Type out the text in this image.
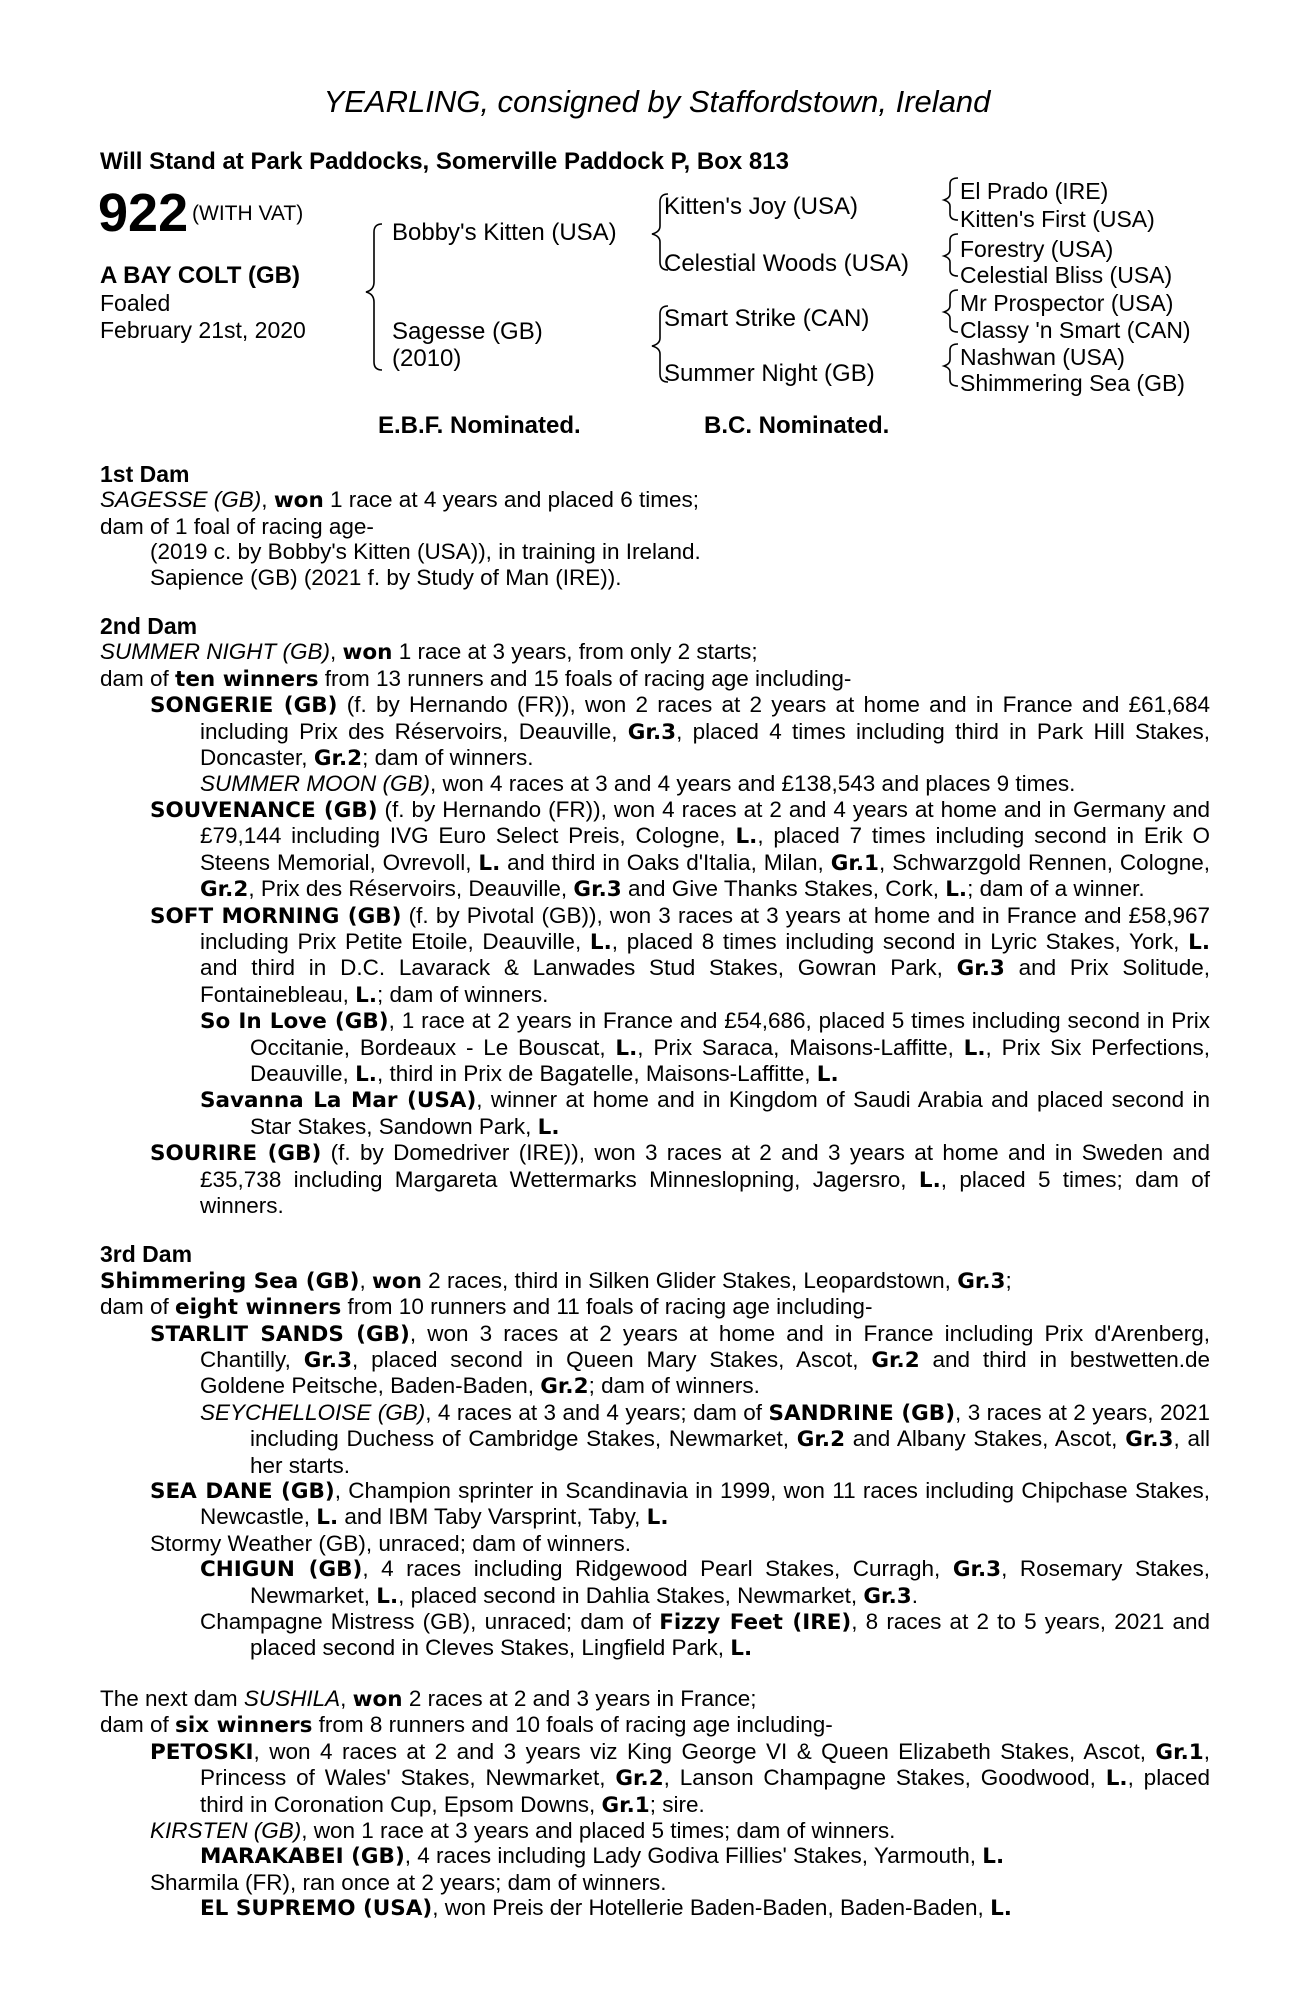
YEARLING, consigned by Staffordstown, Ireland
Will Stand at Park Paddocks, Somerville Paddock P, Box 813
922 (WITH VAT)
A BAY COLT (GB)
Foaled
February 21st, 2020
Bobby's Kitten (USA)
Sagesse (GB)
(2010)
Kitten's Joy (USA)
Celestial Woods (USA)
Smart Strike (CAN)
Summer Night (GB)
El Prado (IRE)
Kitten's First (USA)
Forestry (USA)
Celestial Bliss (USA)
Mr Prospector (USA)
Classy 'n Smart (CAN)
Nashwan (USA)
Shimmering Sea (GB)
E.B.F. Nominated.	B.C. Nominated.

1st Dam

SAGESSE (GB), won 1 race at 4 years and placed 6 times;

dam of 1 foal of racing age-

(2019 c. by Bobby's Kitten (USA)), in training in Ireland.

Sapience (GB) (2021 f. by Study of Man (IRE)).

2nd Dam

SUMMER NIGHT (GB), won 1 race at 3 years, from only 2 starts;

dam of ten winners from 13 runners and 15 foals of racing age including-

SONGERIE (GB) (f. by Hernando (FR)), won 2 races at 2 years at home and in France and £61,684 including Prix des Réservoirs, Deauville, Gr.3, placed 4 times including third in Park Hill Stakes, Doncaster, Gr.2; dam of winners.

SUMMER MOON (GB), won 4 races at 3 and 4 years and £138,543 and places 9 times.

SOUVENANCE (GB) (f. by Hernando (FR)), won 4 races at 2 and 4 years at home and in Germany and £79,144 including IVG Euro Select Preis, Cologne, L., placed 7 times including second in Erik O Steens Memorial, Ovrevoll, L. and third in Oaks d'Italia, Milan, Gr.1, Schwarzgold Rennen, Cologne, Gr.2, Prix des Réservoirs, Deauville, Gr.3 and Give Thanks Stakes, Cork, L.; dam of a winner.

SOFT MORNING (GB) (f. by Pivotal (GB)), won 3 races at 3 years at home and in France and £58,967 including Prix Petite Etoile, Deauville, L., placed 8 times including second in Lyric Stakes, York, L. and third in D.C. Lavarack & Lanwades Stud Stakes, Gowran Park, Gr.3 and Prix Solitude, Fontainebleau, L.; dam of winners.

So In Love (GB), 1 race at 2 years in France and £54,686, placed 5 times including second in Prix Occitanie, Bordeaux - Le Bouscat, L., Prix Saraca, Maisons-Laffitte, L., Prix Six Perfections, Deauville, L., third in Prix de Bagatelle, Maisons-Laffitte, L.

Savanna La Mar (USA), winner at home and in Kingdom of Saudi Arabia and placed second in Star Stakes, Sandown Park, L.

SOURIRE (GB) (f. by Domedriver (IRE)), won 3 races at 2 and 3 years at home and in Sweden and £35,738 including Margareta Wettermarks Minneslopning, Jagersro, L., placed 5 times; dam of winners.

3rd Dam

Shimmering Sea (GB), won 2 races, third in Silken Glider Stakes, Leopardstown, Gr.3;

dam of eight winners from 10 runners and 11 foals of racing age including-

STARLIT SANDS (GB), won 3 races at 2 years at home and in France including Prix d'Arenberg, Chantilly, Gr.3, placed second in Queen Mary Stakes, Ascot, Gr.2 and third in bestwetten.de Goldene Peitsche, Baden-Baden, Gr.2; dam of winners.

SEYCHELLOISE (GB), 4 races at 3 and 4 years; dam of SANDRINE (GB), 3 races at 2 years, 2021 including Duchess of Cambridge Stakes, Newmarket, Gr.2 and Albany Stakes, Ascot, Gr.3, all her starts.

SEA DANE (GB), Champion sprinter in Scandinavia in 1999, won 11 races including Chipchase Stakes, Newcastle, L. and IBM Taby Varsprint, Taby, L.

Stormy Weather (GB), unraced; dam of winners.

CHIGUN (GB), 4 races including Ridgewood Pearl Stakes, Curragh, Gr.3, Rosemary Stakes, Newmarket, L., placed second in Dahlia Stakes, Newmarket, Gr.3.

Champagne Mistress (GB), unraced; dam of Fizzy Feet (IRE), 8 races at 2 to 5 years, 2021 and placed second in Cleves Stakes, Lingfield Park, L.

The next dam SUSHILA, won 2 races at 2 and 3 years in France;

dam of six winners from 8 runners and 10 foals of racing age including-

PETOSKI, won 4 races at 2 and 3 years viz King George VI & Queen Elizabeth Stakes, Ascot, Gr.1, Princess of Wales' Stakes, Newmarket, Gr.2, Lanson Champagne Stakes, Goodwood, L., placed third in Coronation Cup, Epsom Downs, Gr.1; sire.

KIRSTEN (GB), won 1 race at 3 years and placed 5 times; dam of winners.

MARAKABEI (GB), 4 races including Lady Godiva Fillies' Stakes, Yarmouth, L.

Sharmila (FR), ran once at 2 years; dam of winners.

EL SUPREMO (USA), won Preis der Hotellerie Baden-Baden, Baden-Baden, L.
